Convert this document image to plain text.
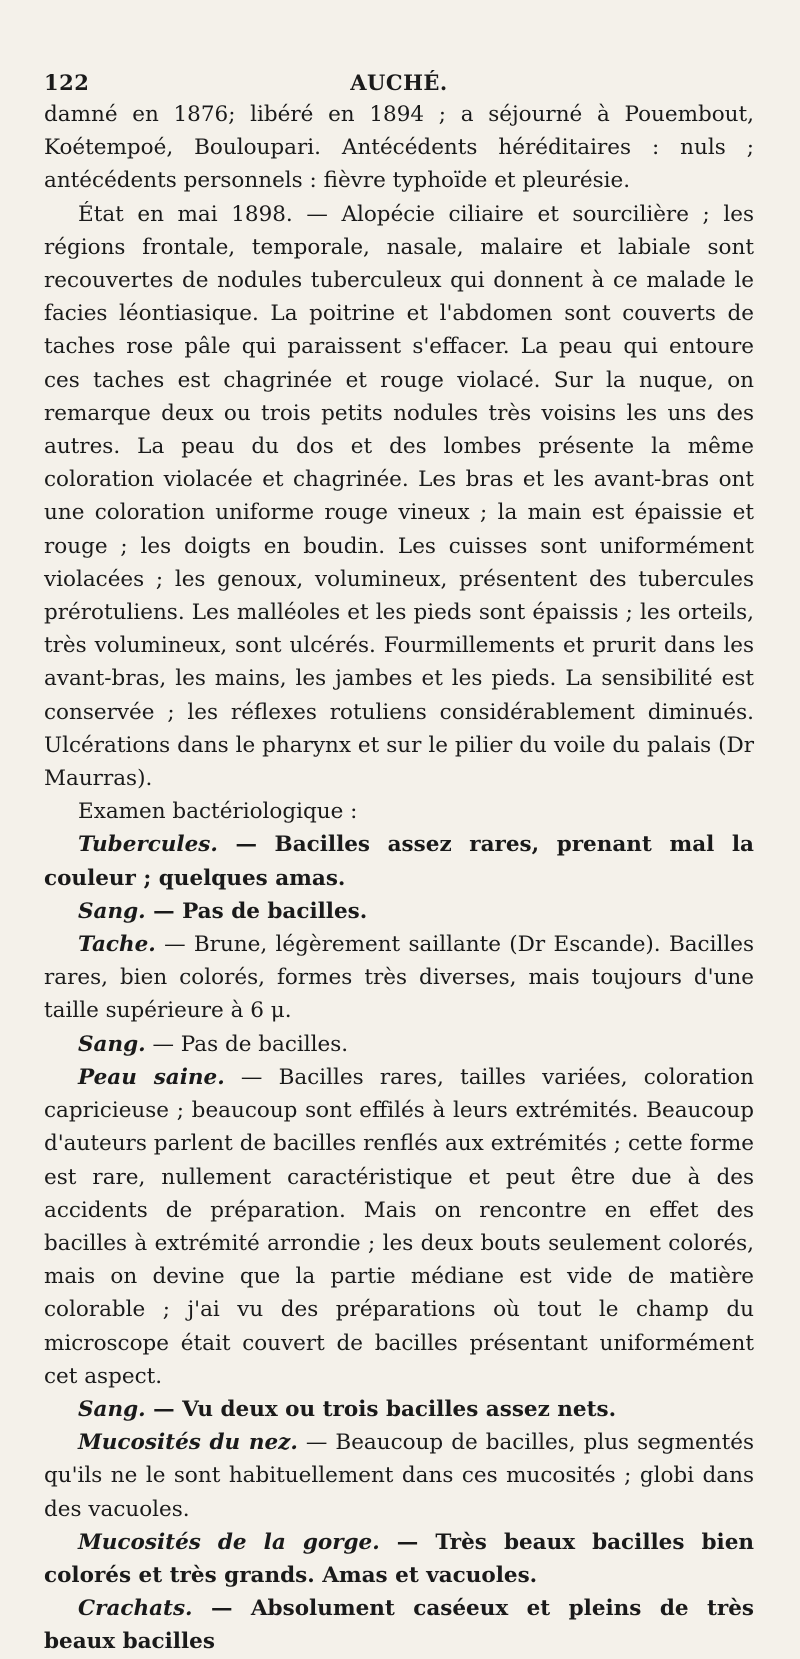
122	AUCHÉ.

damné en 1876; libéré en 1894 ; a séjourné à Pouembout, Koétempoé, Bouloupari. Antécédents héréditaires : nuls ; antécédents personnels : fièvre typhoïde et pleurésie.

État en mai 1898. — Alopécie ciliaire et sourcilière ; les régions frontale, temporale, nasale, malaire et labiale sont recouvertes de nodules tuberculeux qui donnent à ce malade le facies léontiasique. La poitrine et l'abdomen sont couverts de taches rose pâle qui paraissent s'effacer. La peau qui entoure ces taches est chagrinée et rouge violacé. Sur la nuque, on remarque deux ou trois petits nodules très voisins les uns des autres. La peau du dos et des lombes présente la même coloration violacée et chagrinée. Les bras et les avant-bras ont une coloration uniforme rouge vineux ; la main est épaissie et rouge ; les doigts en boudin. Les cuisses sont uniformément violacées ; les genoux, volumineux, présentent des tubercules prérotuliens. Les malléoles et les pieds sont épaissis ; les orteils, très volumineux, sont ulcérés. Fourmillements et prurit dans les avant-bras, les mains, les jambes et les pieds. La sensibilité est conservée ; les réflexes rotuliens considérablement diminués. Ulcérations dans le pharynx et sur le pilier du voile du palais (Dr Maurras).

Examen bactériologique :

Tubercules. — Bacilles assez rares, prenant mal la couleur ; quelques amas.

Sang. — Pas de bacilles.

Tache. — Brune, légèrement saillante (Dr Escande). Bacilles rares, bien colorés, formes très diverses, mais toujours d'une taille supérieure à 6 μ.

Sang. — Pas de bacilles.

Peau saine. — Bacilles rares, tailles variées, coloration capricieuse ; beaucoup sont effilés à leurs extrémités. Beaucoup d'auteurs parlent de bacilles renflés aux extrémités ; cette forme est rare, nullement caractéristique et peut être due à des accidents de préparation. Mais on rencontre en effet des bacilles à extrémité arrondie ; les deux bouts seulement colorés, mais on devine que la partie médiane est vide de matière colorable ; j'ai vu des préparations où tout le champ du microscope était couvert de bacilles présentant uniformément cet aspect.

Sang. — Vu deux ou trois bacilles assez nets.

Mucosités du nez. — Beaucoup de bacilles, plus segmentés qu'ils ne le sont habituellement dans ces mucosités ; globi dans des vacuoles.

Mucosités de la gorge. — Très beaux bacilles bien colorés et très grands. Amas et vacuoles.

Crachats. — Absolument caséeux et pleins de très beaux bacilles
